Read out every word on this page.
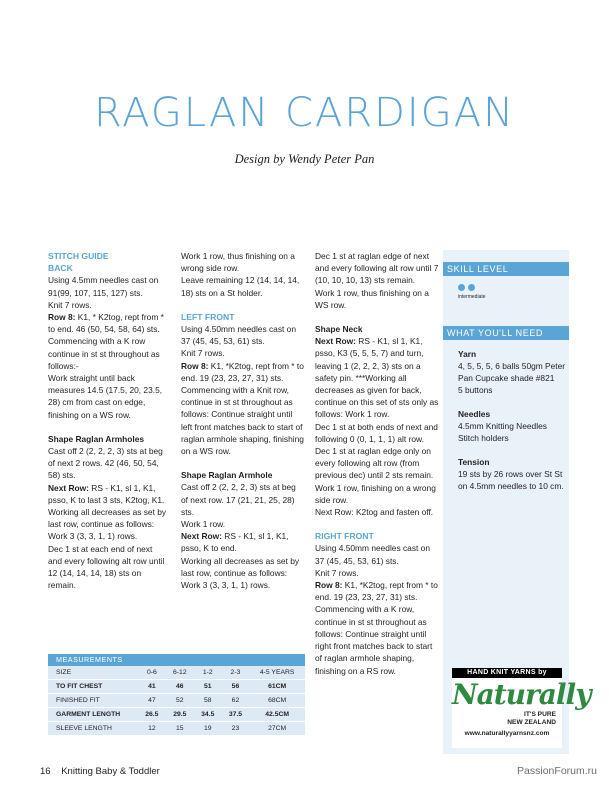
RAGLAN CARDIGAN
Design by Wendy Peter Pan

STITCH GUIDE

BACK

Using 4.5mm needles cast on 91(99, 107, 115, 127) sts.

Knit 7 rows.

Row 8: K1, * K2tog, rept from * to end. 46 (50, 54, 58, 64) sts.

Commencing with a K row continue in st st throughout as follows:-

Work straight until back measures 14.5 (17.5, 20, 23.5, 28) cm from cast on edge, finishing on a WS row.

Shape Raglan Armholes

Cast off 2 (2, 2, 2, 3) sts at beg of next 2 rows. 42 (46, 50, 54, 58) sts.

Next Row: RS - K1, sl 1, K1, psso, K to last 3 sts, K2tog, K1.

Working all decreases as set by last row, continue as follows:

Work 3 (3, 3, 1, 1) rows.

Dec 1 st at each end of next and every following alt row until 12 (14, 14, 14, 18) sts on remain.

Work 1 row, thus finishing on a wrong side row.

Leave remaining 12 (14, 14, 14, 18) sts on a St holder.

LEFT FRONT

Using 4.50mm needles cast on 37 (45, 45, 53, 61) sts.

Knit 7 rows.

Row 8: K1, *K2tog, rept from * to end. 19 (23, 23, 27, 31) sts.

Commencing with a Knit row, continue in st st throughout as follows: Continue straight until left front matches back to start of raglan armhole shaping, finishing on a WS row.

Shape Raglan Armhole

Cast off 2 (2, 2, 2, 3) sts at beg of next row. 17 (21, 21, 25, 28) sts.

Work 1 row.

Next Row: RS - K1, sl 1, K1, psso, K to end.

Working all decreases as set by last row, continue as follows:

Work 3 (3, 3, 1, 1) rows.

Dec 1 st at raglan edge of next and every following alt row until 7 (10, 10, 10, 13) sts remain.

Work 1 row, thus finishing on a WS row.

Shape Neck

Next Row: RS - K1, sl 1, K1, psso, K3 (5, 5, 5, 7) and turn, leaving 1 (2, 2, 2, 3) sts on a safety pin. ***Working all decreases as given for back, continue on this set of sts only as follows: Work 1 row.

Dec 1 st at both ends of next and following 0 (0, 1, 1, 1) alt row.

Dec 1 st at raglan edge only on every following alt row (from previous dec) until 2 sts remain.

Work 1 row, finishing on a wrong side row.

Next Row: K2tog and fasten off.

RIGHT FRONT

Using 4.50mm needles cast on 37 (45, 45, 53, 61) sts.

Knit 7 rows.

Row 8: K1, *K2tog, rept from * to end. 19 (23, 23, 27, 31) sts.

Commencing with a K row, continue in st st throughout as follows: Continue straight until right front matches back to start of raglan armhole shaping, finishing on a RS row.

SKILL LEVEL
intermediate
WHAT YOU'LL NEED

Yarn

4, 5, 5, 5, 6 balls 50gm Peter Pan Cupcake shade #821

5 buttons

Needles

4.5mm Knitting Needles

Stitch holders

Tension

19 sts by 26 rows over St St on 4.5mm needles to 10 cm.

HAND KNIT YARNS by
Naturally
IT'S PURE
NEW ZEALAND
www.naturallyyarnsnz.com
MEASUREMENTS
SIZE	0-6	6-12	1-2	2-3	4-5 YEARS
TO FIT CHEST	41	46	51	56	61CM
FINISHED FIT	47	52	58	62	68CM
GARMENT LENGTH	26.5	29.5	34.5	37.5	42.5CM
SLEEVE LENGTH	12	15	19	23	27CM
16 Knitting Baby & Toddler	PassionForum.ru
